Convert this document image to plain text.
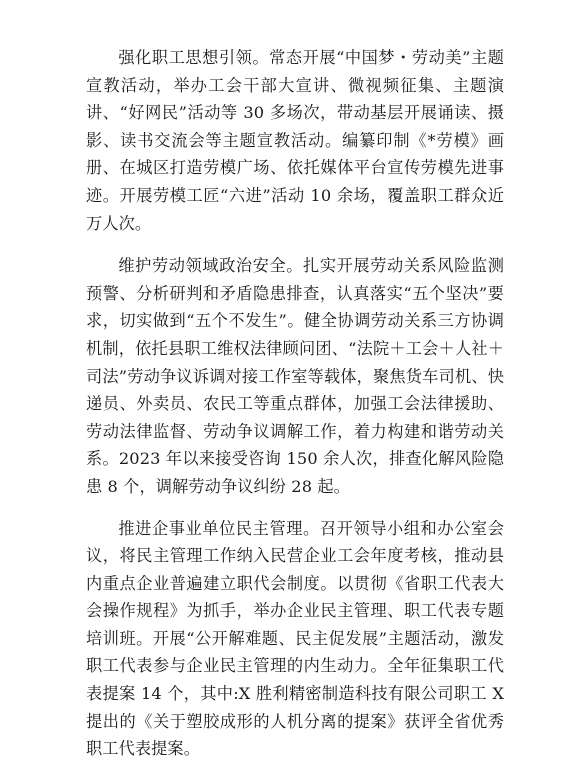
强化职工思想引领。常态开展“中国梦・劳动美”主题宣教活动，举办工会干部大宣讲、微视频征集、主题演讲、“好网民”活动等 30 多场次，带动基层开展诵读、摄影、读书交流会等主题宣教活动。编纂印制《*劳模》画册、在城区打造劳模广场、依托媒体平台宣传劳模先进事迹。开展劳模工匠“六进”活动 10 余场，覆盖职工群众近万人次。

维护劳动领域政治安全。扎实开展劳动关系风险监测预警、分析研判和矛盾隐患排查，认真落实“五个坚决”要求，切实做到“五个不发生”。健全协调劳动关系三方协调机制，依托县职工维权法律顾问团、“法院＋工会＋人社＋司法”劳动争议诉调对接工作室等载体，聚焦货车司机、快递员、外卖员、农民工等重点群体，加强工会法律援助、劳动法律监督、劳动争议调解工作，着力构建和谐劳动关系。2023 年以来接受咨询 150 余人次，排查化解风险隐患 8 个，调解劳动争议纠纷 28 起。

推进企事业单位民主管理。召开领导小组和办公室会议，将民主管理工作纳入民营企业工会年度考核，推动县内重点企业普遍建立职代会制度。以贯彻《省职工代表大会操作规程》为抓手，举办企业民主管理、职工代表专题培训班。开展“公开解难题、民主促发展”主题活动，激发职工代表参与企业民主管理的内生动力。全年征集职工代表提案 14 个，其中:X 胜利精密制造科技有限公司职工 X 提出的《关于塑胶成形的人机分离的提案》获评全省优秀职工代表提案。
